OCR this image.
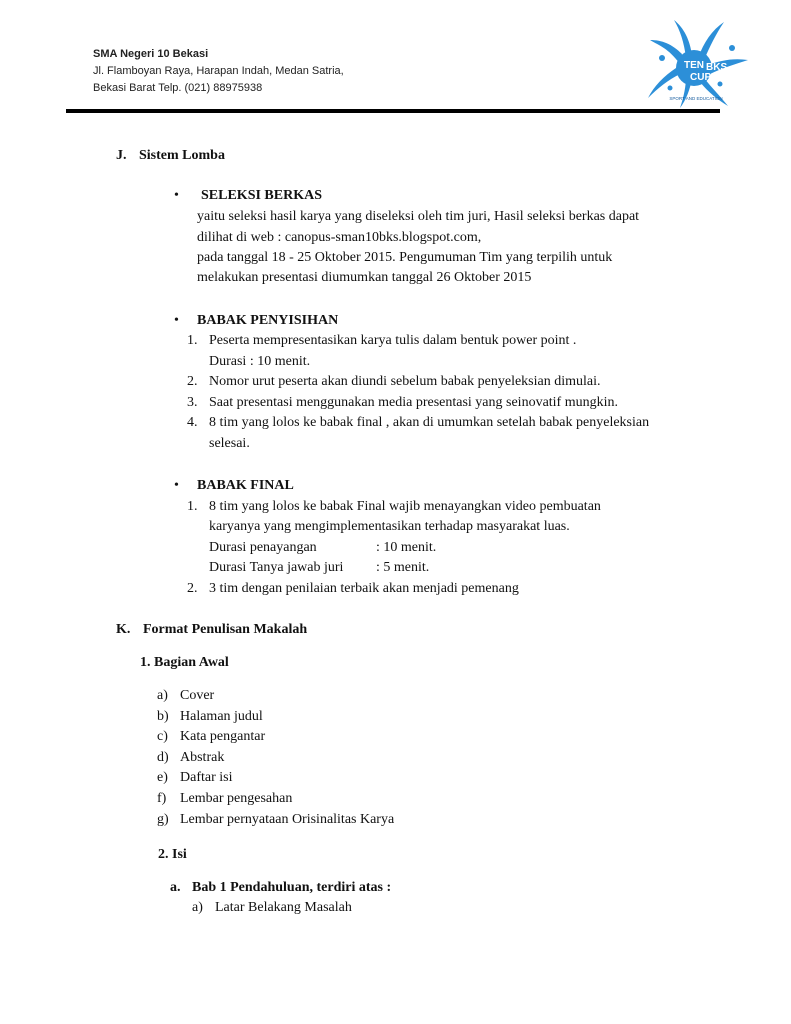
SMA Negeri 10 Bekasi
Jl. Flamboyan Raya, Harapan Indah, Medan Satria,
Bekasi Barat Telp. (021) 88975938
TEN BKS
CUP
SPORT AND EDUCATION
J. Sistem Lomba
• SELEKSI BERKAS
yaitu seleksi hasil karya yang diseleksi oleh tim juri, Hasil seleksi berkas dapat
dilihat di web : canopus-sman10bks.blogspot.com,
pada tanggal 18 - 25 Oktober 2015. Pengumuman Tim yang terpilih untuk
melakukan presentasi diumumkan tanggal 26 Oktober 2015
• BABAK PENYISIHAN
1. Peserta mempresentasikan karya tulis dalam bentuk power point .
Durasi : 10 menit.
2. Nomor urut peserta akan diundi sebelum babak penyeleksian dimulai.
3. Saat presentasi menggunakan media presentasi yang seinovatif mungkin.
4. 8 tim yang lolos ke babak final , akan di umumkan setelah babak penyeleksian
selesai.
• BABAK FINAL
1. 8 tim yang lolos ke babak Final wajib menayangkan video pembuatan
karyanya yang mengimplementasikan terhadap masyarakat luas.
Durasi penayangan	: 10 menit.
Durasi Tanya jawab juri : 5 menit.
2. 3 tim dengan penilaian terbaik akan menjadi pemenang
K. Format Penulisan Makalah
1. Bagian Awal
a) Cover
b) Halaman judul
c) Kata pengantar
d) Abstrak
e) Daftar isi
f) Lembar pengesahan
g) Lembar pernyataan Orisinalitas Karya
2. Isi
a. Bab 1 Pendahuluan, terdiri atas :
a) Latar Belakang Masalah
